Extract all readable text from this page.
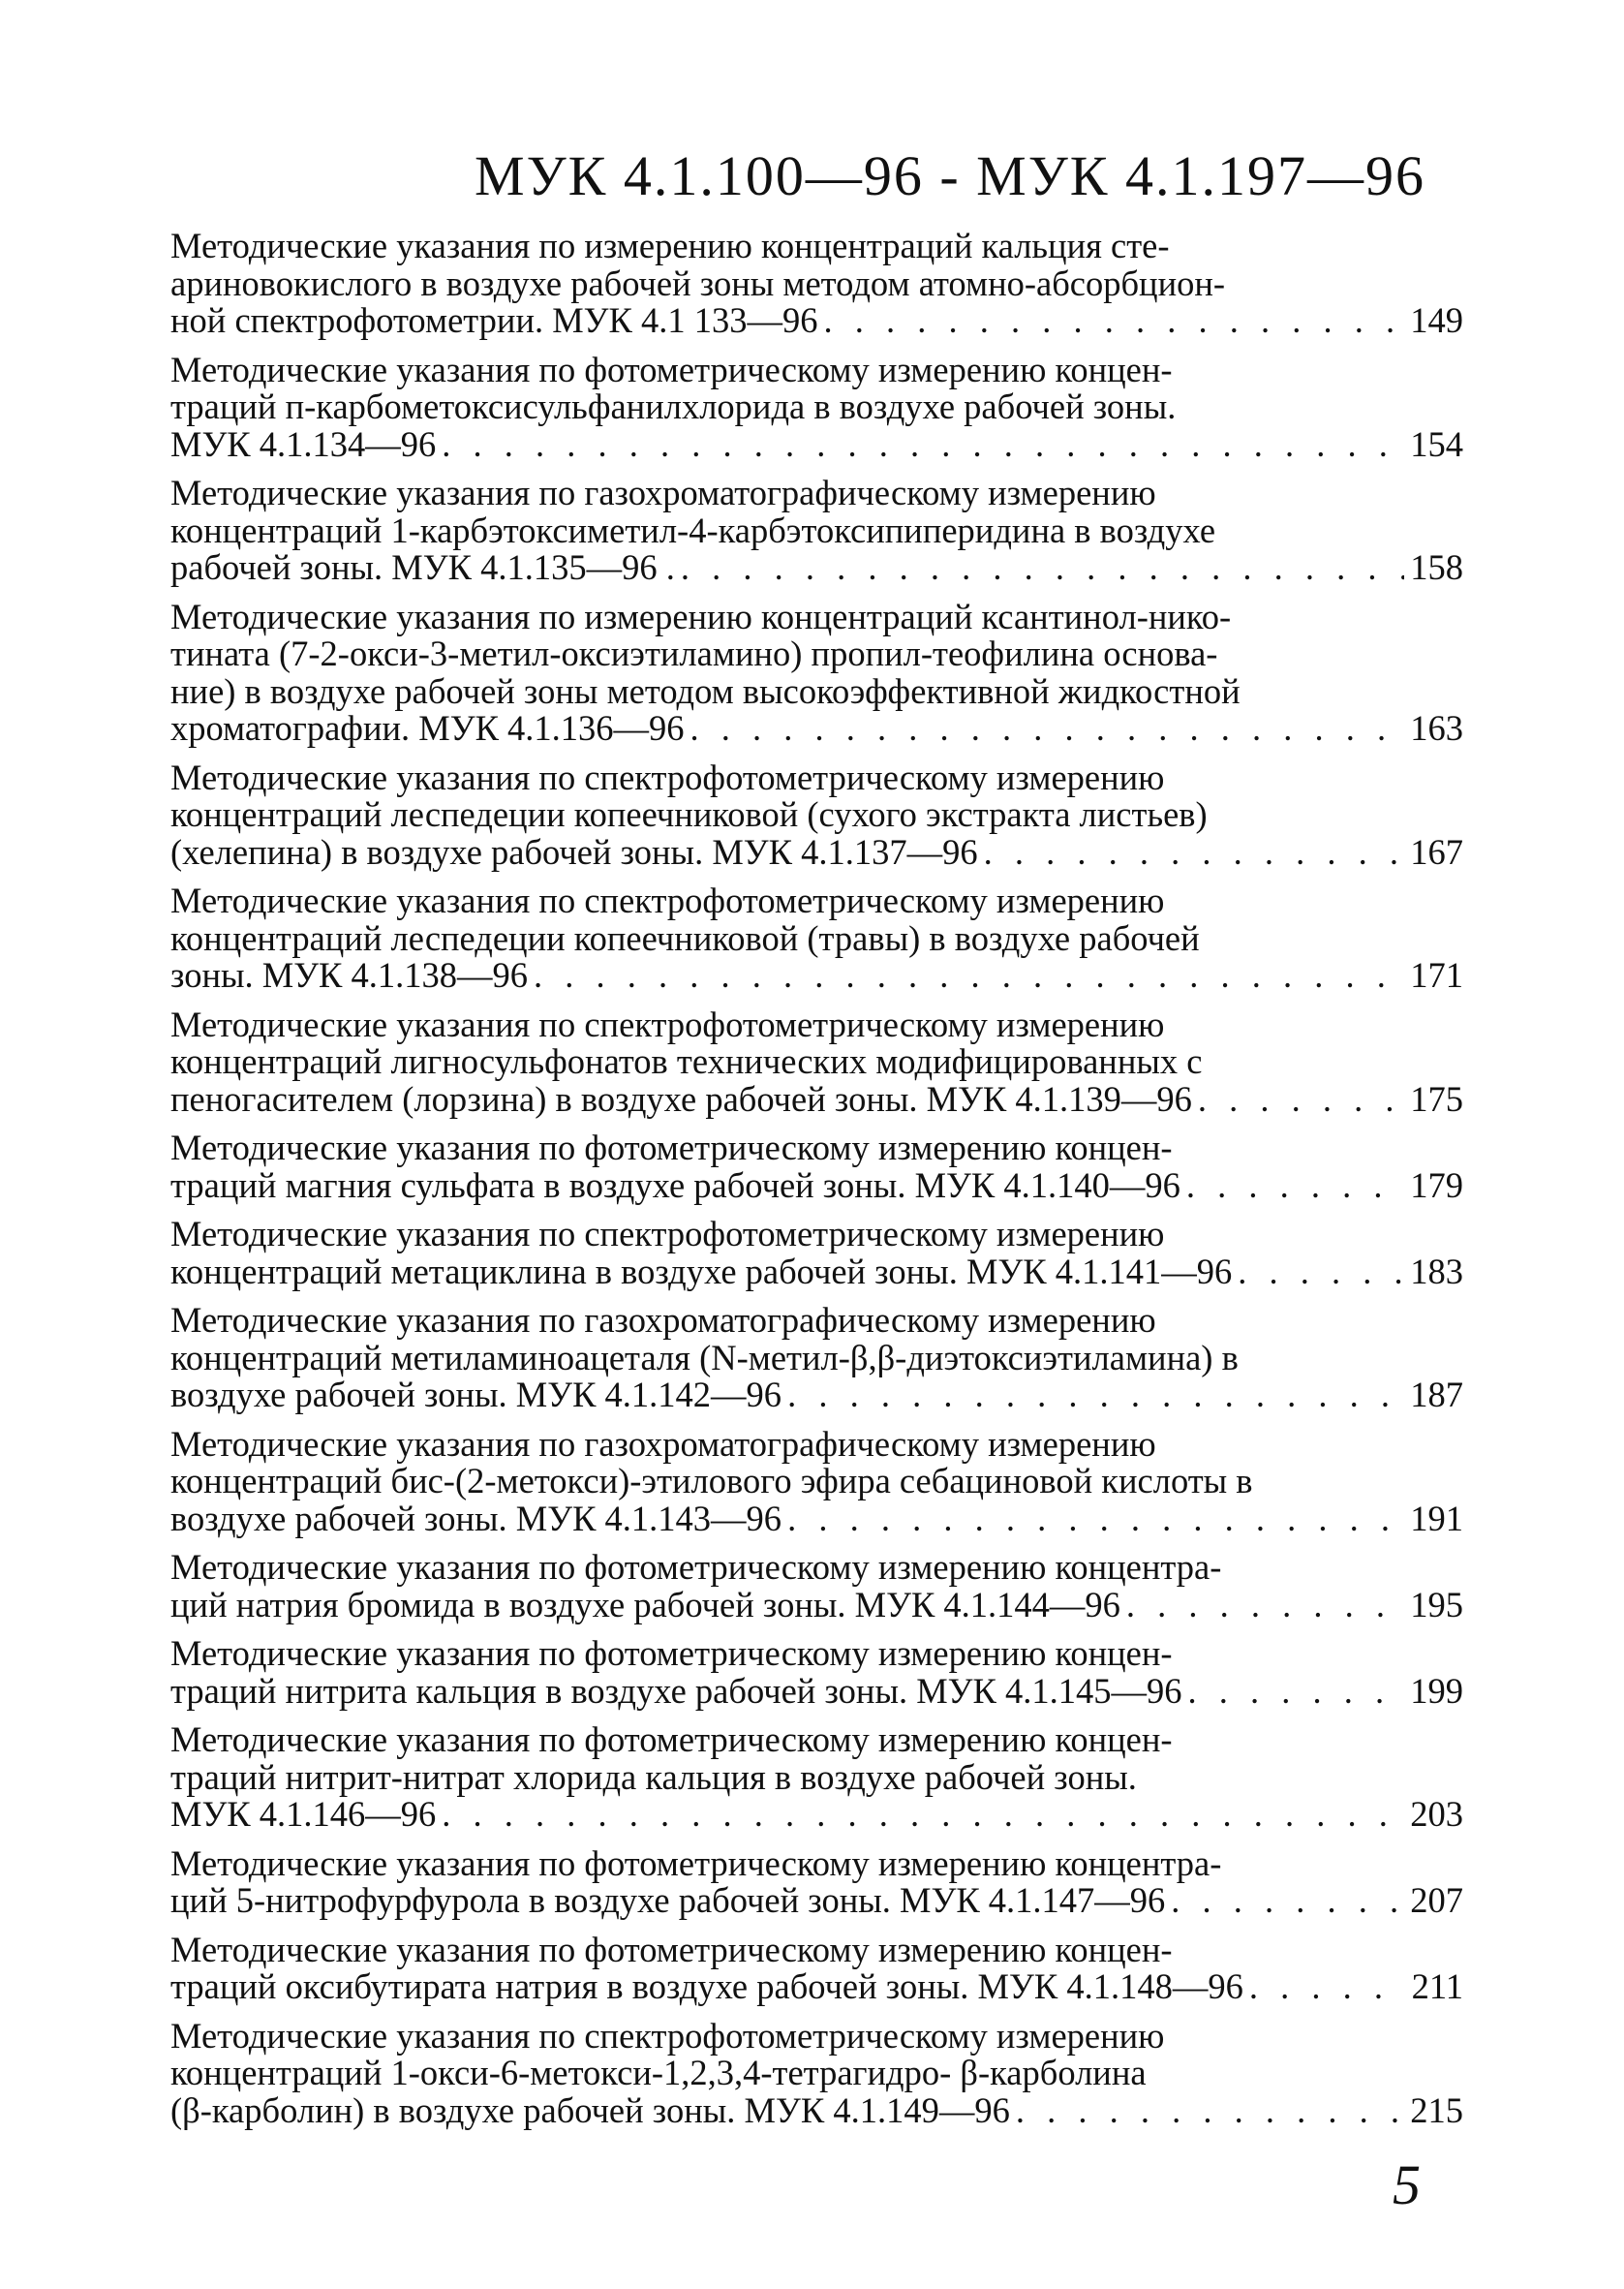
МУК 4.1.100—96 - МУК 4.1.197—96
Методические указания по измерению концентраций кальция сте-
ариновокислого в воздухе рабочей зоны методом атомно-абсорбцион-
ной спектрофотометрии. МУК 4.1 133—96 . . .	149
Методические указания по фотометрическому измерению концен-
траций п-карбометоксисульфанилхлорида в воздухе рабочей зоны.
МУК 4.1.134—96 . . .	154
Методические указания по газохроматографическому измерению
концентраций 1-карбэтоксиметил-4-карбэтоксипиперидина в воздухе
рабочей зоны. МУК 4.1.135—96 . . . .	158
Методические указания по измерению концентраций ксантинол-нико-
тината (7-2-окси-3-метил-оксиэтиламино) пропил-теофилина основа-
ние) в воздухе рабочей зоны методом высокоэффективной жидкостной
хроматографии. МУК 4.1.136—96 . . .	163
Методические указания по спектрофотометрическому измерению
концентраций леспедеции копеечниковой (сухого экстракта листьев)
(хелепина) в воздухе рабочей зоны. МУК 4.1.137—96 . . .	167
Методические указания по спектрофотометрическому измерению
концентраций леспедеции копеечниковой (травы) в воздухе рабочей
зоны. МУК 4.1.138—96 . . .	171
Методические указания по спектрофотометрическому измерению
концентраций лигносульфонатов технических модифицированных с
пеногасителем (лорзина) в воздухе рабочей зоны. МУК 4.1.139—96 . . .	175
Методические указания по фотометрическому измерению концен-
траций магния сульфата в воздухе рабочей зоны. МУК 4.1.140—96 . . .	179
Методические указания по спектрофотометрическому измерению
концентраций метациклина в воздухе рабочей зоны. МУК 4.1.141—96 . . .	183
Методические указания по газохроматографическому измерению
концентраций метиламиноацеталя (N-метил-β,β-диэтоксиэтиламина) в
воздухе рабочей зоны. МУК 4.1.142—96 . . .	187
Методические указания по газохроматографическому измерению
концентраций бис-(2-метокси)-этилового эфира себациновой кислоты в
воздухе рабочей зоны. МУК 4.1.143—96 . . .	191
Методические указания по фотометрическому измерению концентра-
ций натрия бромида в воздухе рабочей зоны. МУК 4.1.144—96 . . .	195
Методические указания по фотометрическому измерению концен-
траций нитрита кальция в воздухе рабочей зоны. МУК 4.1.145—96 . . .	199
Методические указания по фотометрическому измерению концен-
траций нитрит-нитрат хлорида кальция в воздухе рабочей зоны.
МУК 4.1.146—96 . . .	203
Методические указания по фотометрическому измерению концентра-
ций 5-нитрофурфурола в воздухе рабочей зоны. МУК 4.1.147—96 . . .	207
Методические указания по фотометрическому измерению концен-
траций оксибутирата натрия в воздухе рабочей зоны. МУК 4.1.148—96 . . .	211
Методические указания по спектрофотометрическому измерению
концентраций 1-окси-6-метокси-1,2,3,4-тетрагидро- β-карболина
(β-карболин) в воздухе рабочей зоны. МУК 4.1.149—96 . . .	215
5
